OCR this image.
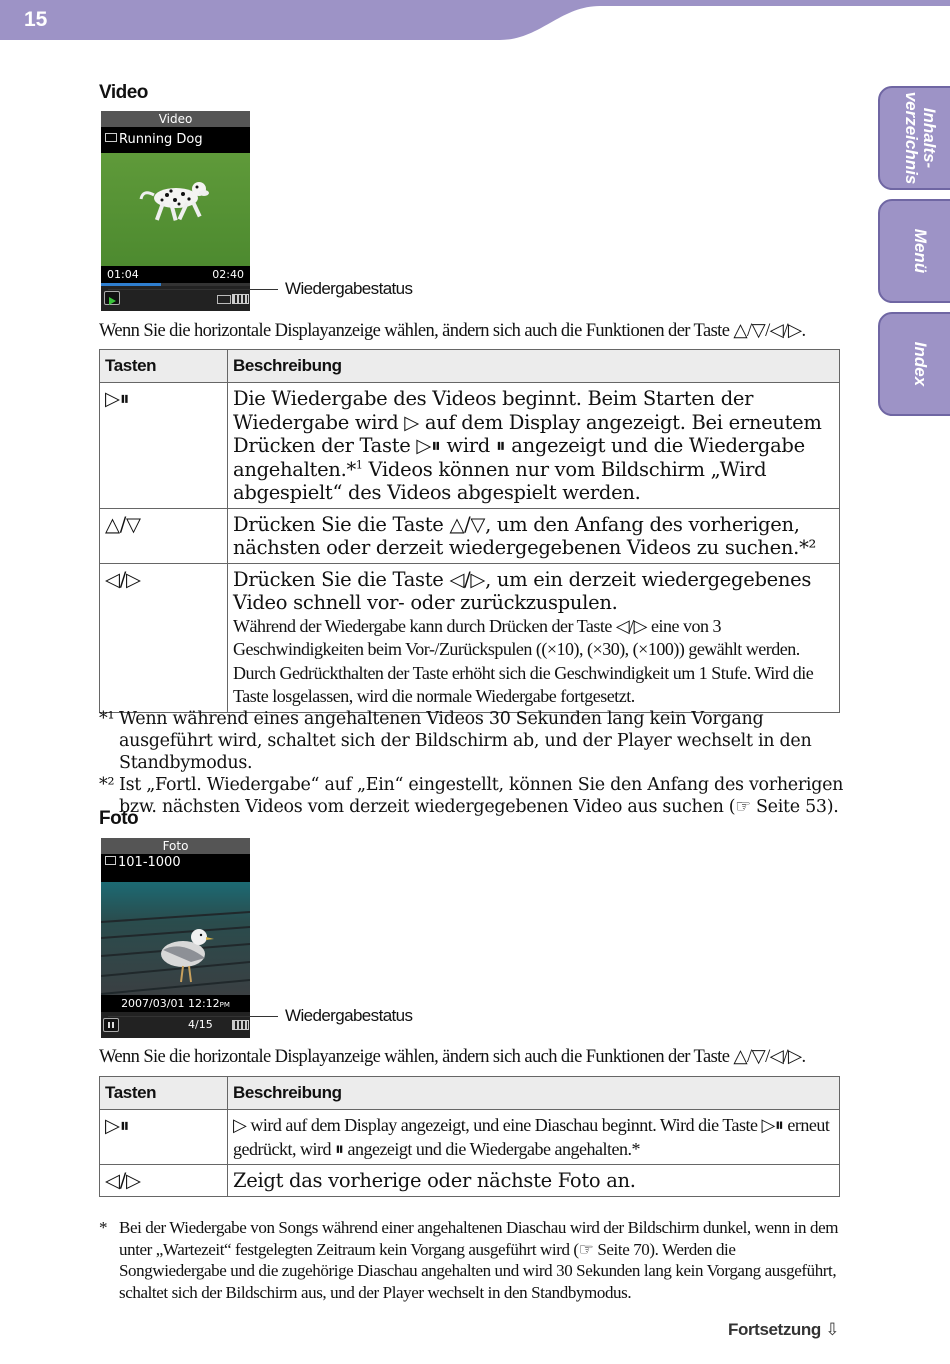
15
Inhalts-
verzeichnis
Menü
Index
Video
Video
Running Dog
01:04	02:40
Wiedergabestatus
Wenn Sie die horizontale Displayanzeige wählen, ändern sich auch die Funktionen der Taste △/▽/◁/▷.
Tasten	Beschreibung
▷⏸	Die Wiedergabe des Videos beginnt. Beim Starten der Wiedergabe wird ▷ auf dem Display angezeigt. Bei erneutem Drücken der Taste ▷⏸ wird ⏸ angezeigt und die Wiedergabe angehalten.*$^1$ Videos können nur vom Bildschirm „Wird abgespielt“ des Videos abgespielt werden.
△/▽	Drücken Sie die Taste △/▽, um den Anfang des vorherigen, nächsten oder derzeit wiedergegebenen Videos zu suchen.*²
◁/▷	Drücken Sie die Taste ◁/▷, um ein derzeit wiedergegebenes Video schnell vor- oder zurückzuspulen.
Während der Wiedergabe kann durch Drücken der Taste ◁/▷ eine von 3 Geschwindigkeiten beim Vor-/Zurückspulen ((×10), (×30), (×100)) gewählt werden. Durch Gedrückthalten der Taste erhöht sich die Geschwindigkeit um 1 Stufe. Wird die Taste losgelassen, wird die normale Wiedergabe fortgesetzt.
*¹ Wenn während eines angehaltenen Videos 30 Sekunden lang kein Vorgang ausgeführt wird, schaltet sich der Bildschirm ab, und der Player wechselt in den Standbymodus.
*² Ist „Fortl. Wiedergabe“ auf „Ein“ eingestellt, können Sie den Anfang des vorherigen bzw. nächsten Videos vom derzeit wiedergegebenen Video aus suchen (☞ Seite 53).
Foto
Foto
101-1000
2007/03/01 12:12PM
4/15	Wiedergabestatus
Wenn Sie die horizontale Displayanzeige wählen, ändern sich auch die Funktionen der Taste △/▽/◁/▷.
Tasten	Beschreibung
▷⏸	▷ wird auf dem Display angezeigt, und eine Diaschau beginnt. Wird die Taste ▷⏸ erneut gedrückt, wird ⏸ angezeigt und die Wiedergabe angehalten.*
◁/▷	Zeigt das vorherige oder nächste Foto an.
* Bei der Wiedergabe von Songs während einer angehaltenen Diaschau wird der Bildschirm dunkel, wenn in dem unter „Wartezeit“ festgelegten Zeitraum kein Vorgang ausgeführt wird (☞ Seite 70). Werden die Songwiedergabe und die zugehörige Diaschau angehalten und wird 30 Sekunden lang kein Vorgang ausgeführt, schaltet sich der Bildschirm aus, und der Player wechselt in den Standbymodus.
Fortsetzung ⇩
